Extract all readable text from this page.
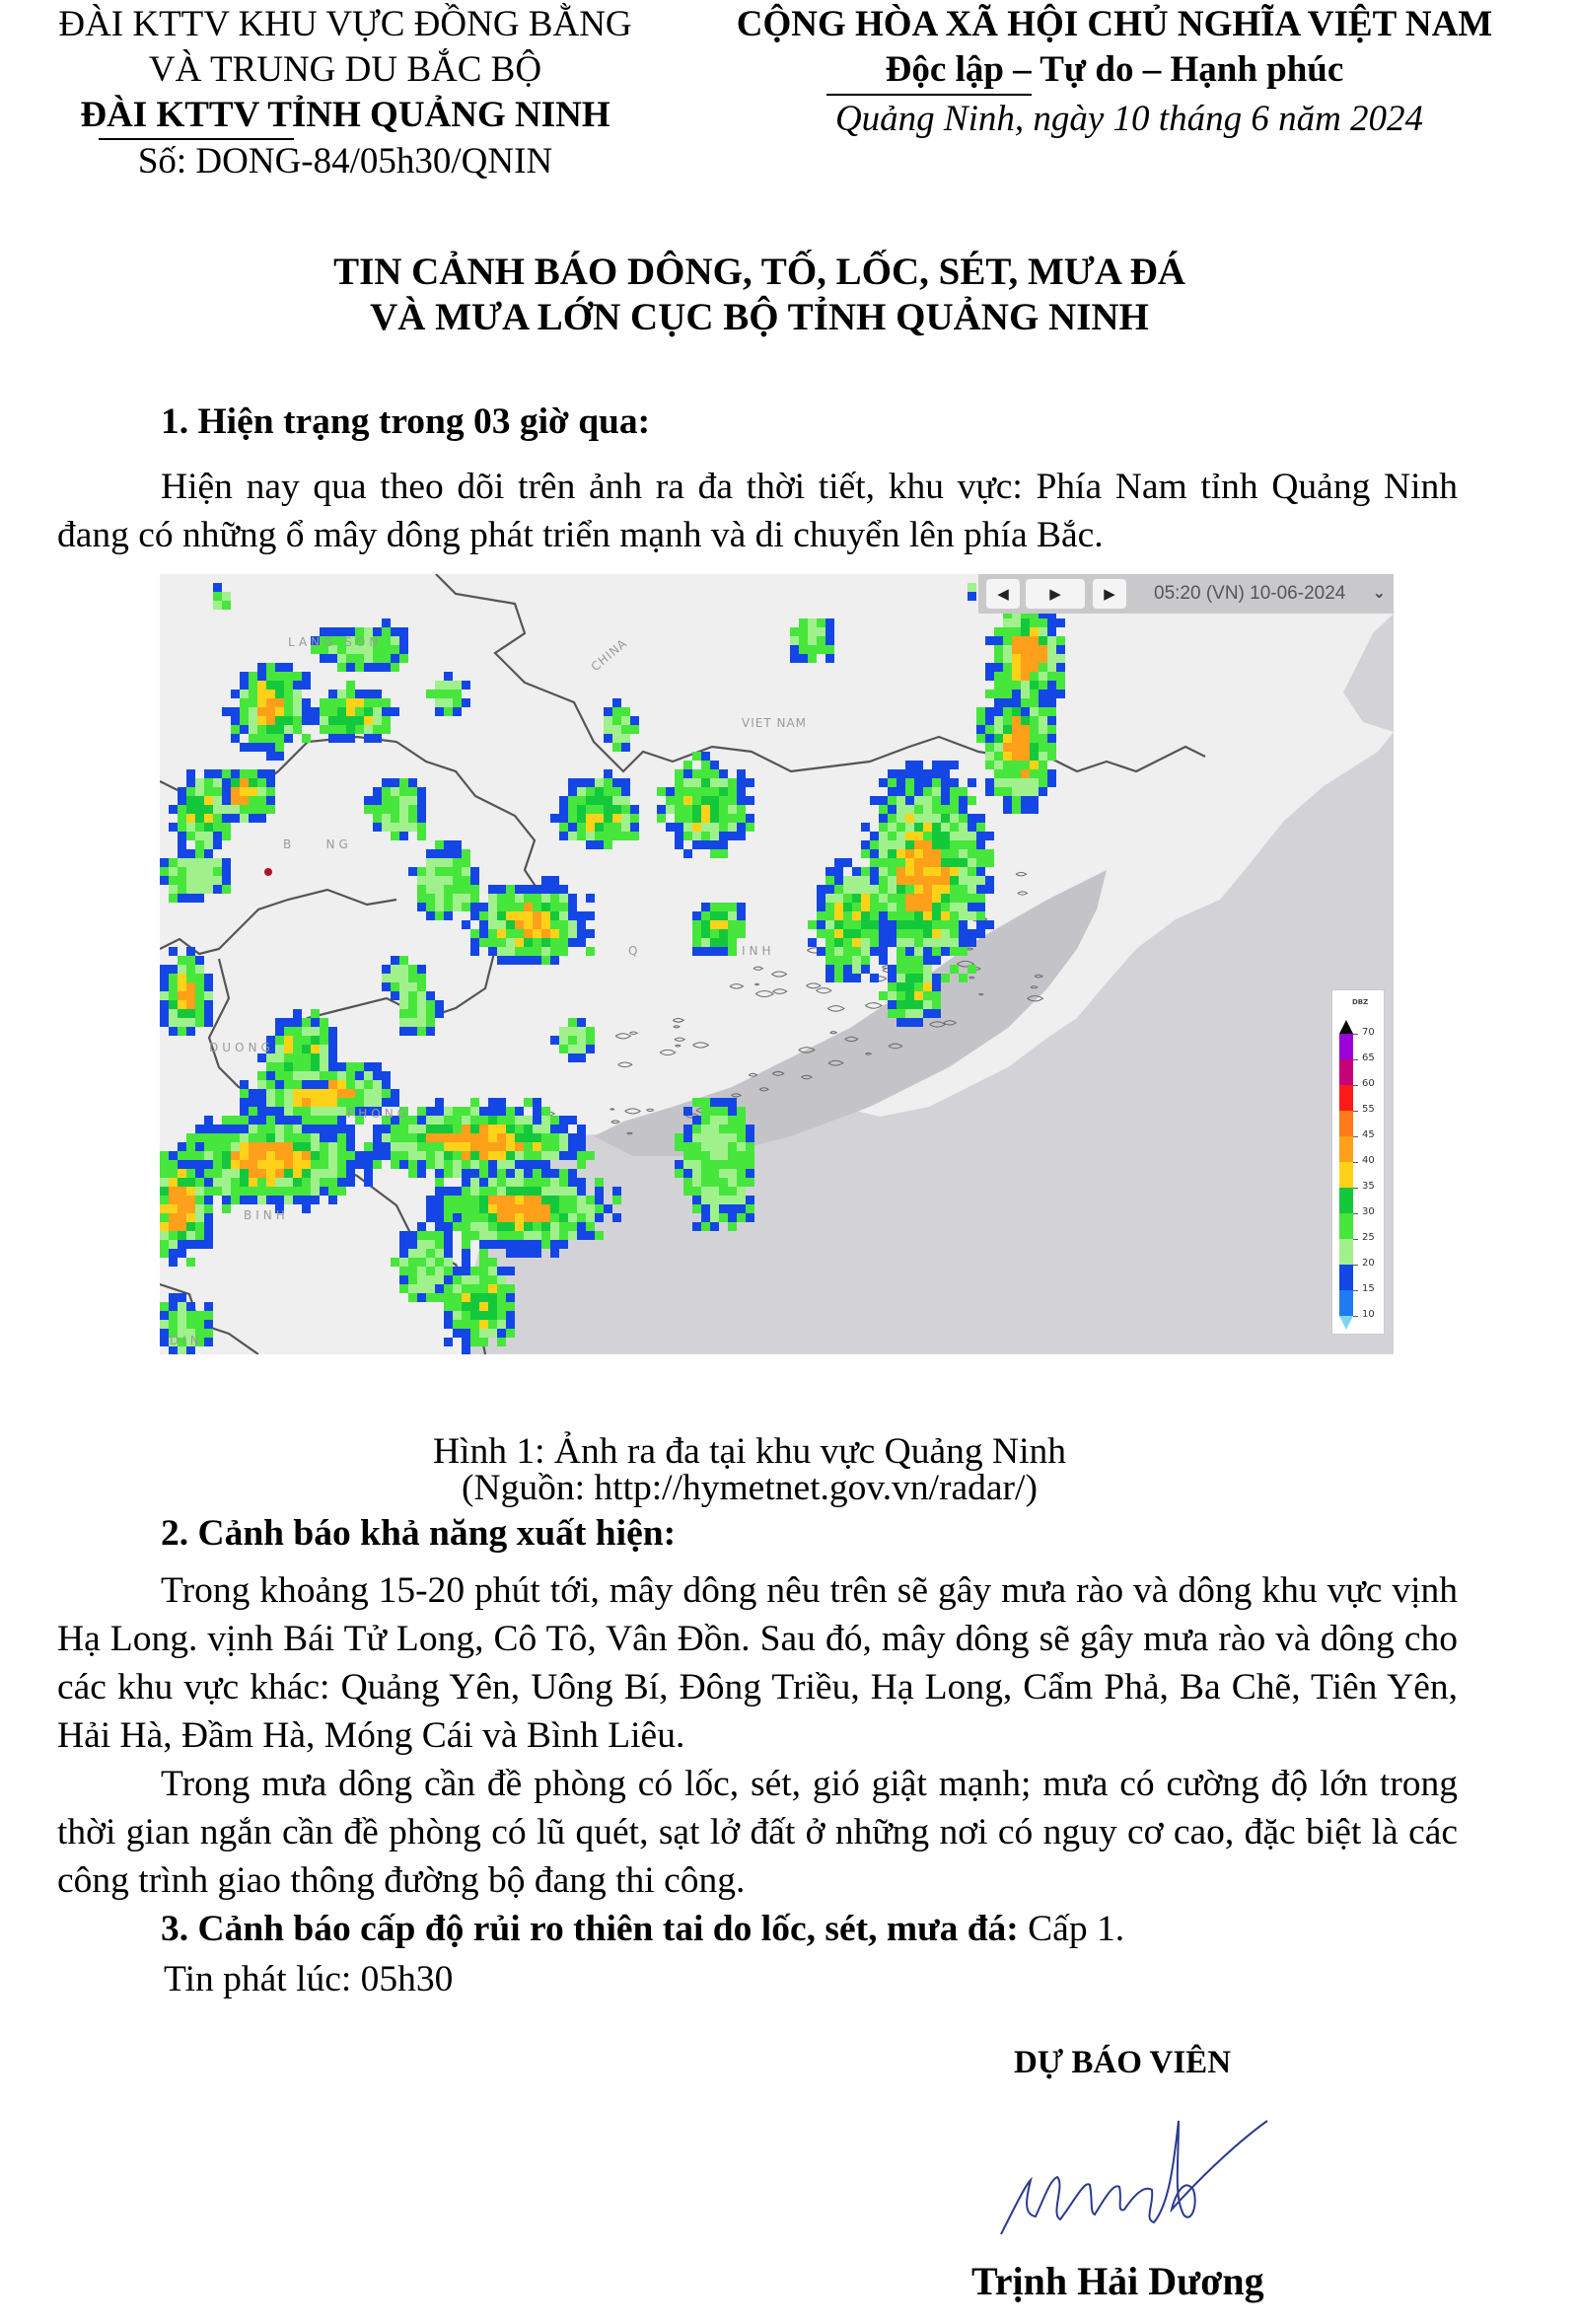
ĐÀI KTTV KHU VỰC ĐỒNG BẰNG
VÀ TRUNG DU BẮC BỘ
ĐÀI KTTV TỈNH QUẢNG NINH
Số: DONG-84/05h30/QNIN
CỘNG HÒA XÃ HỘI CHỦ NGHĨA VIỆT NAM
Độc lập – Tự do – Hạnh phúc
Quảng Ninh, ngày 10 tháng 6 năm 2024
TIN CẢNH BÁO DÔNG, TỐ, LỐC, SÉT, MƯA ĐÁ
VÀ MƯA LỚN CỤC BỘ TỈNH QUẢNG NINH
1. Hiện trạng trong 03 giờ qua:
Hiện nay qua theo dõi trên ảnh ra đa thời tiết, khu vực: Phía Nam tỉnh Quảng Ninh đang có những ổ mây dông phát triển mạnh và di chuyển lên phía Bắc.
LANG SON	CHINA
VIET NAM
B    NG
Q	INH
DUONG
PHONG
BINH
DIN
◀​	▶	▶​ 05:20 (VN) 10-06-2024 ⌄
DBZ
70
65
60
55
45
40
35
30
25
20
15
10
Hình 1: Ảnh ra đa tại khu vực Quảng Ninh
(Nguồn: http://hymetnet.gov.vn/radar/)
2. Cảnh báo khả năng xuất hiện:
Trong khoảng 15-20 phút tới, mây dông nêu trên sẽ gây mưa rào và dông khu vực vịnh Hạ Long. vịnh Bái Tử Long, Cô Tô, Vân Đồn. Sau đó, mây dông sẽ gây mưa rào và dông cho các khu vực khác: Quảng Yên, Uông Bí, Đông Triều, Hạ Long, Cẩm Phả, Ba Chẽ, Tiên Yên, Hải Hà, Đầm Hà, Móng Cái và Bình Liêu.
Trong mưa dông cần đề phòng có lốc, sét, gió giật mạnh; mưa có cường độ lớn trong thời gian ngắn cần đề phòng có lũ quét, sạt lở đất ở những nơi có nguy cơ cao, đặc biệt là các công trình giao thông đường bộ đang thi công.
3. Cảnh báo cấp độ rủi ro thiên tai do lốc, sét, mưa đá: Cấp 1.
Tin phát lúc: 05h30
DỰ BÁO VIÊN
Trịnh Hải Dương
